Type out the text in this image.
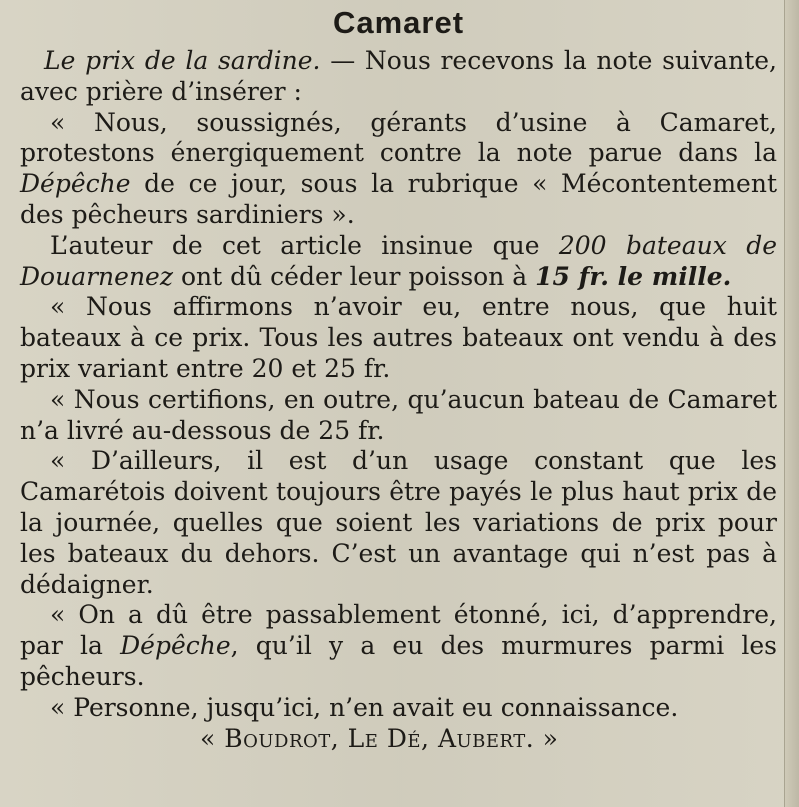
Camaret

Le prix de la sardine. — Nous recevons la note suivante, avec prière d’insérer :

« Nous, soussignés, gérants d’usine à Camaret, protestons énergiquement contre la note parue dans la Dépêche de ce jour, sous la rubrique « Mécontentement des pêcheurs sardiniers ».

L’auteur de cet article insinue que 200 bateaux de Douarnenez ont dû céder leur poisson à 15 fr. le mille.

« Nous affirmons n’avoir eu, entre nous, que huit bateaux à ce prix. Tous les autres bateaux ont vendu à des prix variant entre 20 et 25 fr.

« Nous certifions, en outre, qu’aucun bateau de Camaret n’a livré au-dessous de 25 fr.

« D’ailleurs, il est d’un usage constant que les Camarétois doivent toujours être payés le plus haut prix de la journée, quelles que soient les variations de prix pour les bateaux du dehors. C’est un avantage qui n’est pas à dédaigner.

« On a dû être passablement étonné, ici, d’apprendre, par la Dépêche, qu’il y a eu des murmures parmi les pêcheurs.

« Personne, jusqu’ici, n’en avait eu connaissance.« Boudrot, Le Dé, Aubert. »
